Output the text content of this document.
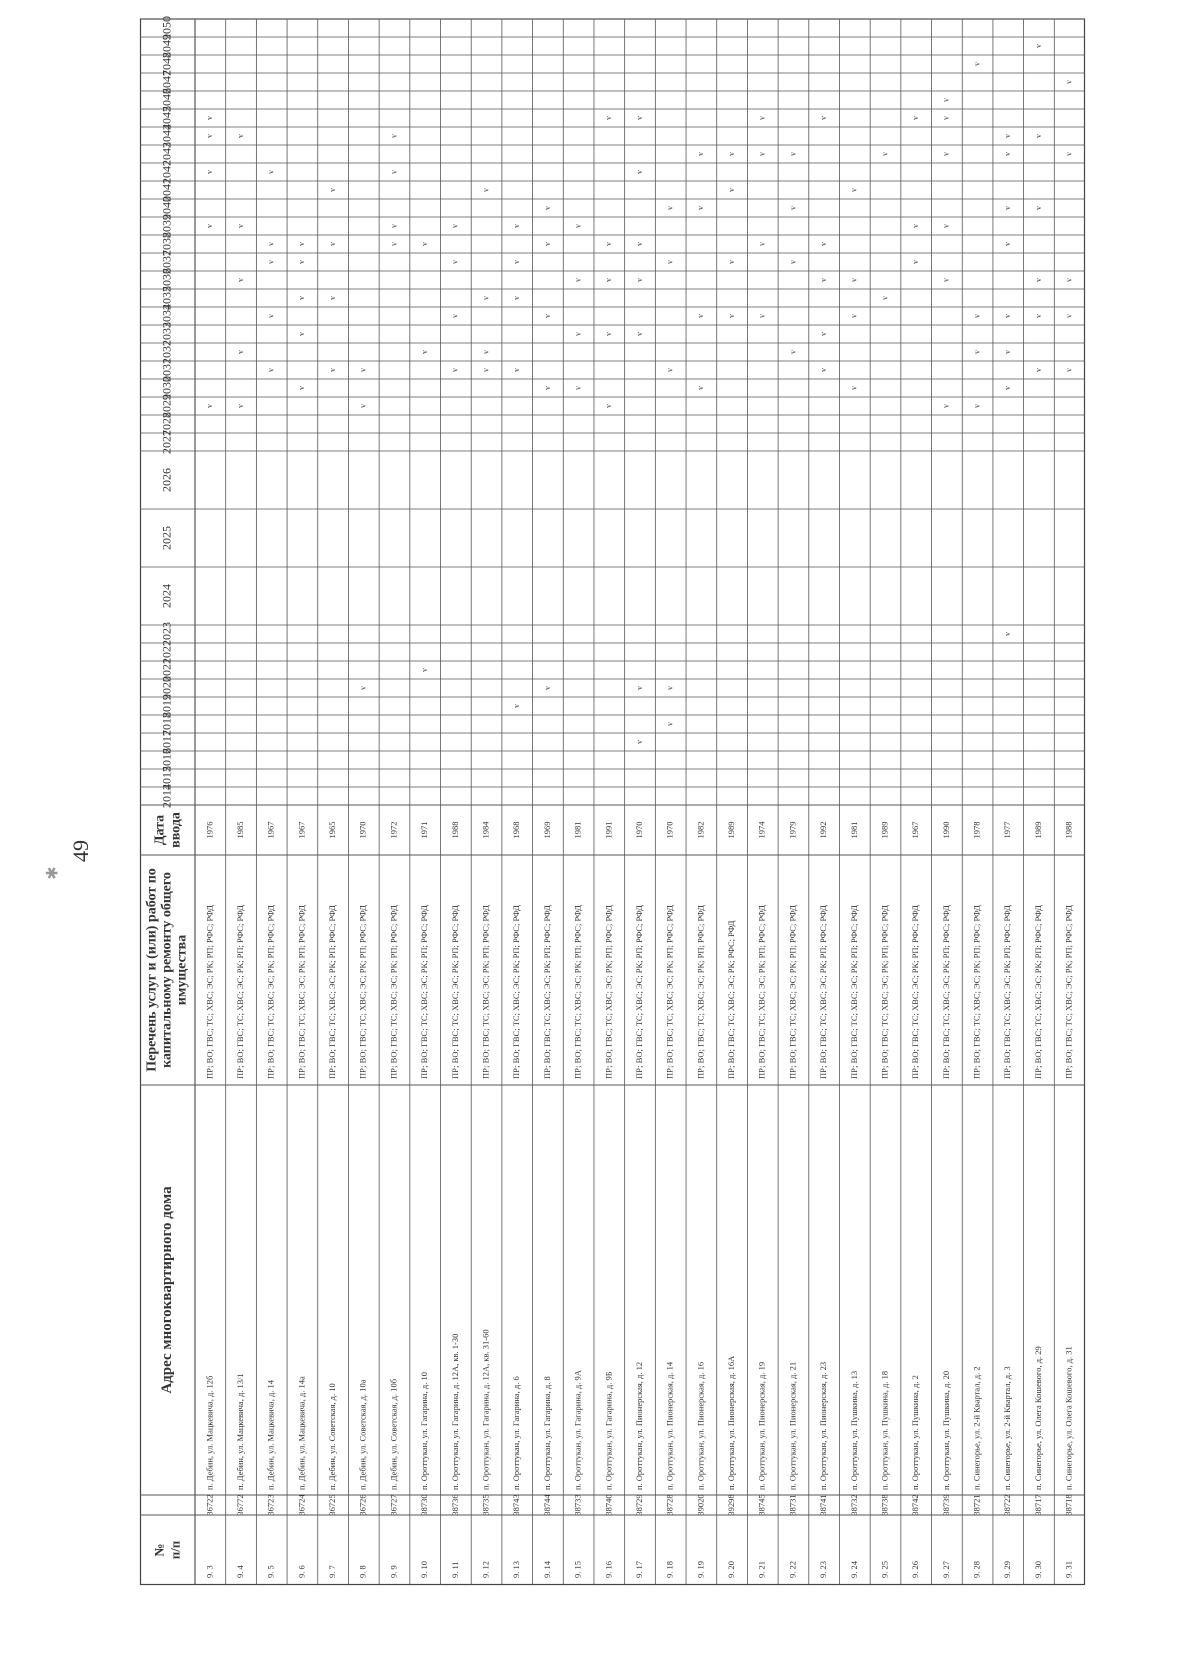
49
✱
№ п/п
Адрес многоквартирного дома
Перечень услуг и (или) работ по капитальному ремонту общего имущества
Дата ввода
2014
2015
2016
2017
2018
2019
2020
2021
2022
2023
2024
2025
2026
2027
2028
2029
2030
2031
2032
2033
2034
2035
2036
2037
2038
2039
2040
2041
2042
2043
2044
2045
2046
2047
2048
2049
2050
9. 3
36722
п. Дебин, ул. Мацкевича, д. 12б
ПР; ВО; ГВС; ТС; ХВС; ЭС; РК; РП; РФС; РФД
1976
v
v
v
v
v
9. 4
36772
п. Дебин, ул. Мацкевича, д. 13/1
ПР; ВО; ГВС; ТС; ХВС; ЭС; РК; РП; РФС; РФД
1985
v
v
v
v
v
9. 5
36723
п. Дебин, ул. Мацкевича, д. 14
ПР; ВО; ГВС; ТС; ХВС; ЭС; РК; РП; РФС; РФД
1967
v
v
v
v
v
9. 6
36724
п. Дебин, ул. Мацкевича, д. 14а
ПР; ВО; ГВС; ТС; ХВС; ЭС; РК; РП; РФС; РФД
1967
v
v
v
v
v
9. 7
36725
п. Дебин, ул. Советская, д. 10
ПР; ВО; ГВС; ТС; ХВС; ЭС; РК; РП; РФС; РФД
1965
v
v
v
v
9. 8
36726
п. Дебин, ул. Советская, д. 10а
ПР; ВО; ГВС; ТС; ХВС; ЭС; РК; РП; РФС; РФД
1970
v
v
v
9. 9
36727
п. Дебин, ул. Советская, д. 10б
ПР; ВО; ГВС; ТС; ХВС; ЭС; РК; РП; РФС; РФД
1972
v
v
v
v
9. 10
38730
п. Ороттукан, ул. Гагарина, д. 10
ПР; ВО; ГВС; ТС; ХВС; ЭС; РК; РП; РФС; РФД
1971
v
v
v
9. 11
38736
п. Ороттукан, ул. Гагарина, д. 12А, кв. 1-30
ПР; ВО; ГВС; ТС; ХВС; ЭС; РК; РП; РФС; РФД
1988
v
v
v
v
9. 12
38735
п. Ороттукан, ул. Гагарина, д. 12А, кв. 31-60
ПР; ВО; ГВС; ТС; ХВС; ЭС; РК; РП; РФС; РФД
1984
v
v
v
v
9. 13
38743
п. Ороттукан, ул. Гагарина, д. 6
ПР; ВО; ГВС; ТС; ХВС; ЭС; РК; РП; РФС; РФД
1968
v
v
v
v
v
9. 14
38744
п. Ороттукан, ул. Гагарина, д. 8
ПР; ВО; ГВС; ТС; ХВС; ЭС; РК; РП; РФС; РФД
1969
v
v
v
v
v
9. 15
38733
п. Ороттукан, ул. Гагарина, д. 9А
ПР; ВО; ГВС; ТС; ХВС; ЭС; РК; РП; РФС; РФД
1981
v
v
v
v
9. 16
38740
п. Ороттукан, ул. Гагарина, д. 9Б
ПР; ВО; ГВС; ТС; ХВС; ЭС; РК; РП; РФС; РФД
1991
v
v
v
v
v
9. 17
38729
п. Ороттукан, ул. Пионерская, д. 12
ПР; ВО; ГВС; ТС; ХВС; ЭС; РК; РП; РФС; РФД
1970
v
v
v
v
v
v
v
9. 18
38728
п. Ороттукан, ул. Пионерская, д. 14
ПР; ВО; ГВС; ТС; ХВС; ЭС; РК; РП; РФС; РФД
1970
v
v
v
v
v
9. 19
39020
п. Ороттукан, ул. Пионерская, д. 16
ПР; ВО; ГВС; ТС; ХВС; ЭС; РК; РП; РФС; РФД
1982
v
v
v
v
9. 20
39298
п. Ороттукан, ул. Пионерская, д. 16А
ПР; ВО; ГВС; ТС; ХВС; ЭС; РК; РФС; РФД
1989
v
v
v
v
9. 21
38745
п. Ороттукан, ул. Пионерская, д. 19
ПР; ВО; ГВС; ТС; ХВС; ЭС; РК; РП; РФС; РФД
1974
v
v
v
v
9. 22
38731
п. Ороттукан, ул. Пионерская, д. 21
ПР; ВО; ГВС; ТС; ХВС; ЭС; РК; РП; РФС; РФД
1979
v
v
v
v
9. 23
38741
п. Ороттукан, ул. Пионерская, д. 23
ПР; ВО; ГВС; ТС; ХВС; ЭС; РК; РП; РФС; РФД
1992
v
v
v
v
v
9. 24
38732
п. Ороттукан, ул. Пушкина, д. 13
ПР; ВО; ГВС; ТС; ХВС; ЭС; РК; РП; РФС; РФД
1981
v
v
v
v
9. 25
38738
п. Ороттукан, ул. Пушкина, д. 18
ПР; ВО; ГВС; ТС; ХВС; ЭС; РК; РП; РФС; РФД
1989
v
v
9. 26
38742
п. Ороттукан, ул. Пушкина, д. 2
ПР; ВО; ГВС; ТС; ХВС; ЭС; РК; РП; РФС; РФД
1967
v
v
v
9. 27
38739
п. Ороттукан, ул. Пушкина, д. 20
ПР; ВО; ГВС; ТС; ХВС; ЭС; РК; РП; РФС; РФД
1990
v
v
v
v
v
v
9. 28
38721
п. Синегорье, ул. 2-й Квартал, д. 2
ПР; ВО; ГВС; ТС; ХВС; ЭС; РК; РП; РФС; РФД
1978
v
v
v
v
9. 29
38722
п. Синегорье, ул. 2-й Квартал, д. 3
ПР; ВО; ГВС; ТС; ХВС; ЭС; РК; РП; РФС; РФД
1977
v
v
v
v
v
v
v
v
9. 30
38717
п. Синегорье, ул. Олега Кошевого, д. 29
ПР; ВО; ГВС; ТС; ХВС; ЭС; РК; РП; РФС; РФД
1989
v
v
v
v
v
v
9. 31
38718
п. Синегорье, ул. Олега Кошевого, д. 31
ПР; ВО; ГВС; ТС; ХВС; ЭС; РК; РП; РФС; РФД
1988
v
v
v
v
v
